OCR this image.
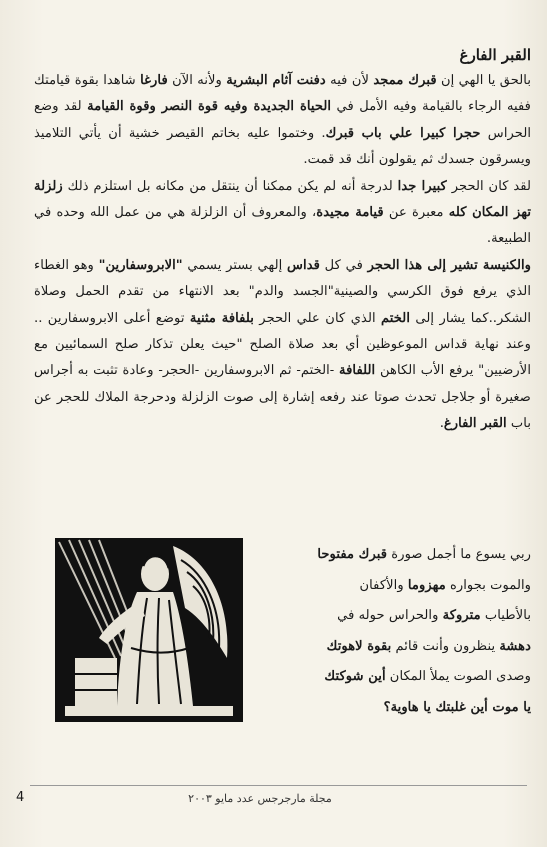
القبر الفارغ

بالحق يا الهي إن قبرك ممجد لأن فيه دفنت آثام البشرية ولأنه الآن فارغا شاهدا بقوة قيامتك ففيه الرجاء بالقيامة وفيه الأمل في الحياة الجديدة وفيه قوة النصر وقوة القيامة لقد وضع الحراس حجرا كبيرا علي باب قبرك. وختموا عليه بخاتم القيصر خشية أن يأتي التلاميذ ويسرقون جسدك ثم يقولون أنك قد قمت.

لقد كان الحجر كبيرا جدا لدرجة أنه لم يكن ممكنا أن ينتقل من مكانه بل استلزم ذلك زلزلة تهز المكان كله معبرة عن قيامة مجيدة، والمعروف أن الزلزلة هي من عمل الله وحده في الطبيعة.

والكنيسة تشير إلى هذا الحجر في كل قداس إلهي بستر يسمي "الابروسفارين" وهو الغطاء الذي يرفع فوق الكرسي والصينية"الجسد والدم" بعد الانتهاء من تقدم الحمل وصلاة الشكر..كما يشار إلى الختم الذي كان علي الحجر بلفافة مثنية توضع أعلى الابروسفارين .. وعند نهاية قداس الموعوظين أي بعد صلاة الصلح "حيث يعلن تذكار صلح السمائيين مع الأرضيين" يرفع الأب الكاهن اللفافة -الختم- ثم الابروسفارين -الحجر- وعادة تثبت به أجراس صغيرة أو جلاجل تحدث صوتا عند رفعه إشارة إلى صوت الزلزلة ودحرجة الملاك للحجر عن باب القبر الفارغ.

ربي يسوع ما أجمل صورة قبرك مفتوحا
والموت بجواره مهزوما والأكفان
بالأطياب متروكة والحراس حوله في
دهشة ينظرون وأنت قائم بقوة لاهوتك
وصدى الصوت يملأ المكان أين شوكتك
يا موت أين غلبتك يا هاوية؟
4	مجلة مارجرجس عدد مايو ٢٠٠٣
